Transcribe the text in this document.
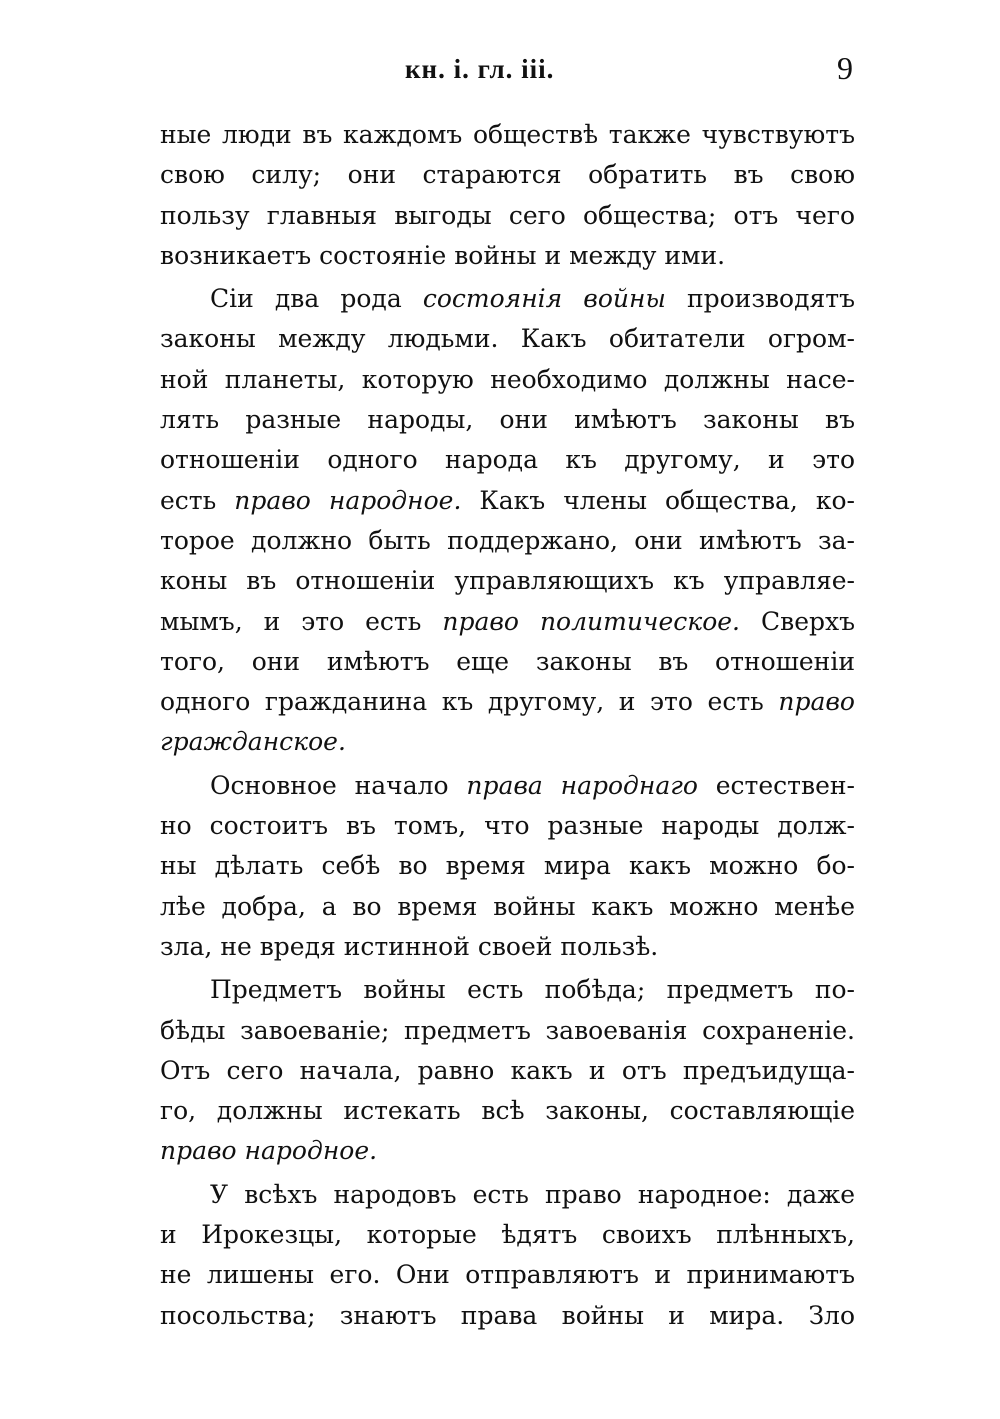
кн. і. гл. ііі.	9
ные люди въ каждомъ обществѣ также чувствуютъ
свою силу; они стараются обратить въ свою
пользу главныя выгоды сего общества; отъ чего
возникаетъ состоянiе войны и между ими.
Сiи два рода состоянія войны производятъ
законы между людьми. Какъ обитатели огром-
ной планеты, которую необходимо должны насе-
лять разные народы, они имѣютъ законы въ
отношенiи одного народа къ другому, и это
есть право народное. Какъ члены общества, ко-
торое должно быть поддержано, они имѣютъ за-
коны въ отношенiи управляющихъ къ управляе-
мымъ, и это есть право политическое. Сверхъ
того, они имѣютъ еще законы въ отношенiи
одного гражданина къ другому, и это есть право
гражданское.
Основное начало права народнаго естествен-
но состоитъ въ томъ, что разные народы долж-
ны дѣлать себѣ во время мира какъ можно бо-
лѣе добра, а во время войны какъ можно менѣе
зла, не вредя истинной своей пользѣ.
Предметъ войны есть побѣда; предметъ по-
бѣды завоеванiе; предметъ завоеванiя сохраненiе.
Отъ сего начала, равно какъ и отъ предъидуща-
го, должны истекать всѣ законы, составляющiе
право народное.
У всѣхъ народовъ есть право народное: даже
и Ирокезцы, которые ѣдятъ своихъ плѣнныхъ,
не лишены его. Они отправляютъ и принимаютъ
посольства; знаютъ права войны и мира. Зло
